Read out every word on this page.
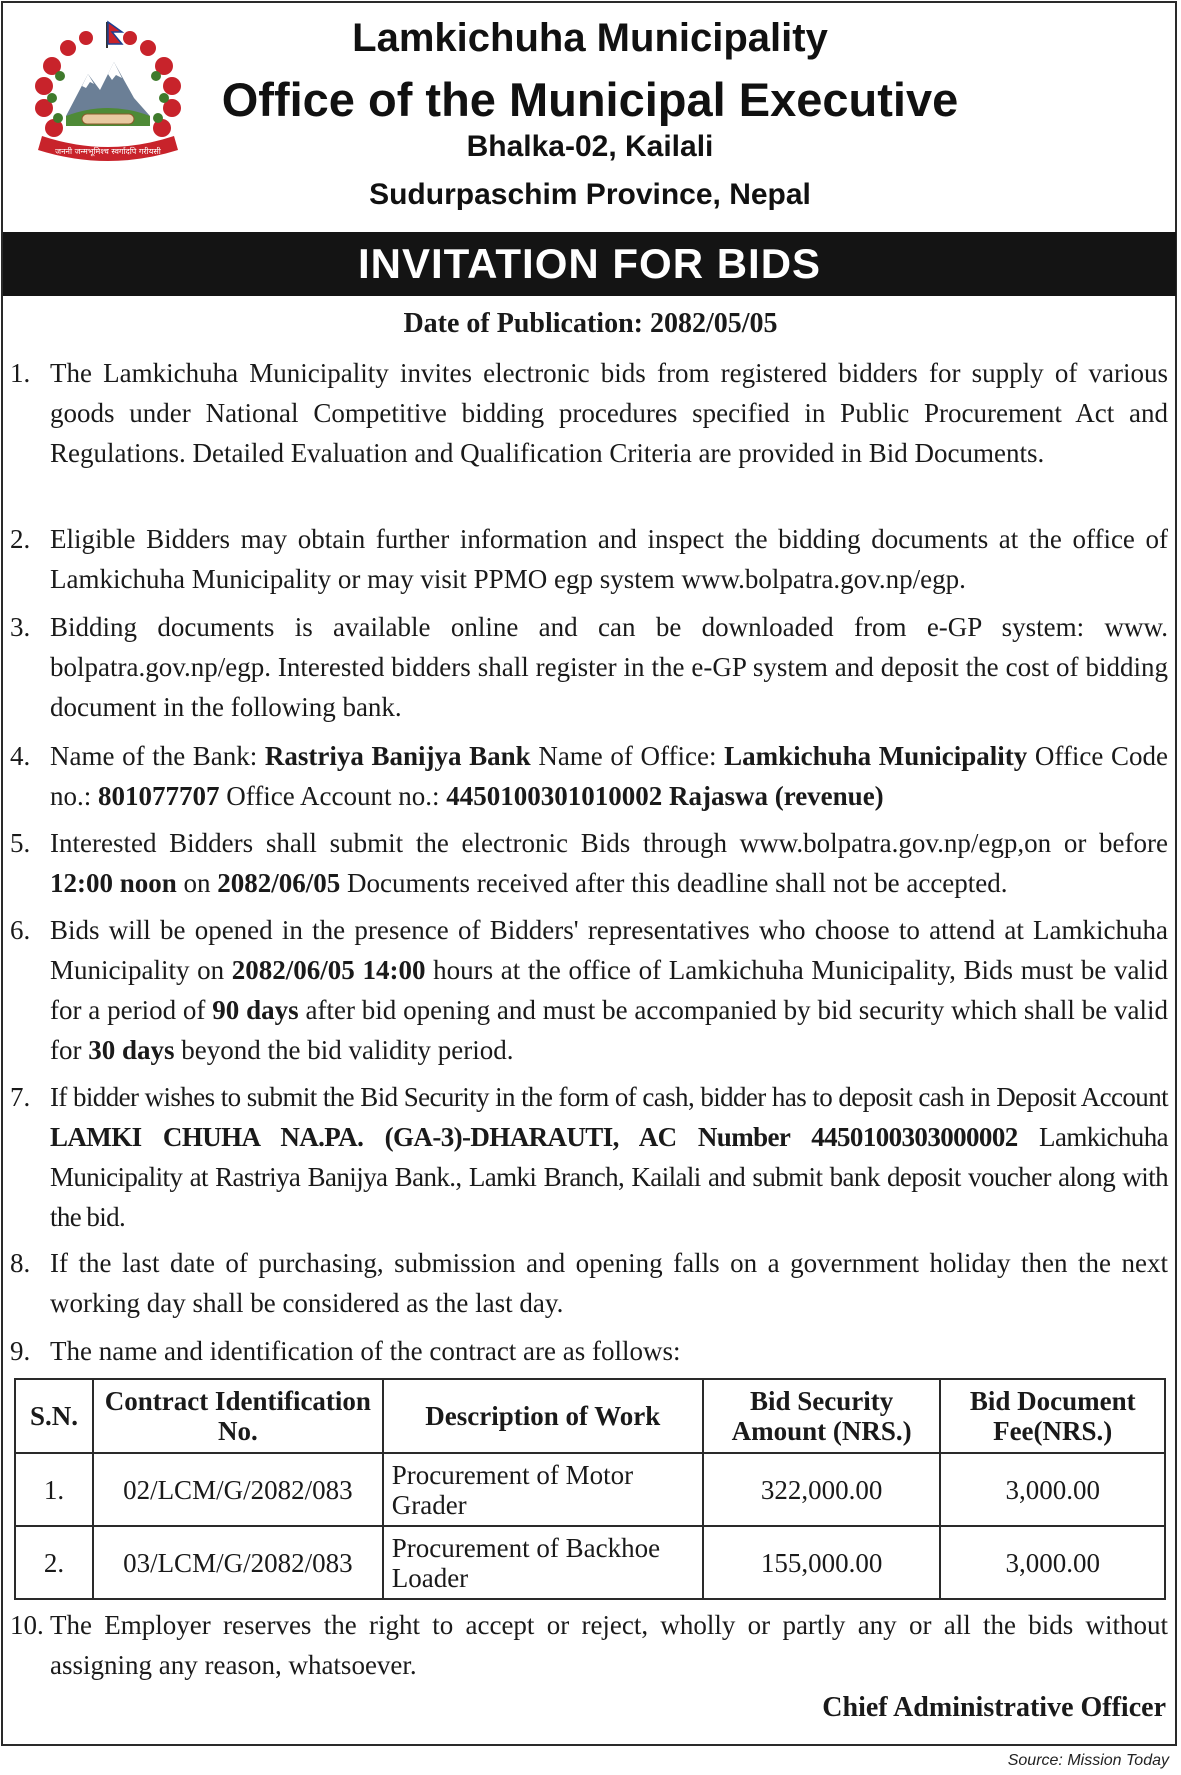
जननी जन्मभूमिश्च स्वर्गादपि गरीयसी
Lamkichuha Municipality
Office of the Municipal Executive
Bhalka-02, Kailali
Sudurpaschim Province, Nepal
INVITATION FOR BIDS
Date of Publication: 2082/05/05
1. The Lamkichuha Municipality invites electronic bids from registered bidders for supply of various goods under National Competitive bidding procedures specified in Public Procurement Act and Regulations. Detailed Evaluation and Qualification Criteria are provided in Bid Documents.
2. Eligible Bidders may obtain further information and inspect the bidding documents at the office of Lamkichuha Municipality or may visit PPMO egp system www.bolpatra.gov.np/egp.
3. Bidding documents is available online and can be downloaded from e-GP system: www. bolpatra.gov.np/egp. Interested bidders shall register in the e-GP system and deposit the cost of bidding document in the following bank.
4. Name of the Bank: Rastriya Banijya Bank Name of Office: Lamkichuha Municipality Office Code no.: 801077707 Office Account no.: 4450100301010002 Rajaswa (revenue)
5. Interested Bidders shall submit the electronic Bids through www.bolpatra.gov.np/egp,on or before 12:00 noon on 2082/06/05 Documents received after this deadline shall not be accepted.
6. Bids will be opened in the presence of Bidders' representatives who choose to attend at Lamkichuha Municipality on 2082/06/05 14:00 hours at the office of Lamkichuha Municipality, Bids must be valid for a period of 90 days after bid opening and must be accompanied by bid security which shall be valid for 30 days beyond the bid validity period.
7. If bidder wishes to submit the Bid Security in the form of cash, bidder has to deposit cash in Deposit Account LAMKI CHUHA NA.PA. (GA-3)-DHARAUTI, AC Number 4450100303000002 Lamkichuha Municipality at Rastriya Banijya Bank., Lamki Branch, Kailali and submit bank deposit voucher along with the bid.
8. If the last date of purchasing, submission and opening falls on a government holiday then the next working day shall be considered as the last day.
9. The name and identification of the contract are as follows:
S.N.	Contract Identification No.	Description of Work	Bid Security Amount (NRS.)	Bid Document Fee(NRS.)
1.	02/LCM/G/2082/083	Procurement of Motor Grader	322,000.00	3,000.00
2.	03/LCM/G/2082/083	Procurement of Backhoe Loader	155,000.00	3,000.00
10. The Employer reserves the right to accept or reject, wholly or partly any or all the bids without assigning any reason, whatsoever.
Chief Administrative Officer
Source: Mission Today
